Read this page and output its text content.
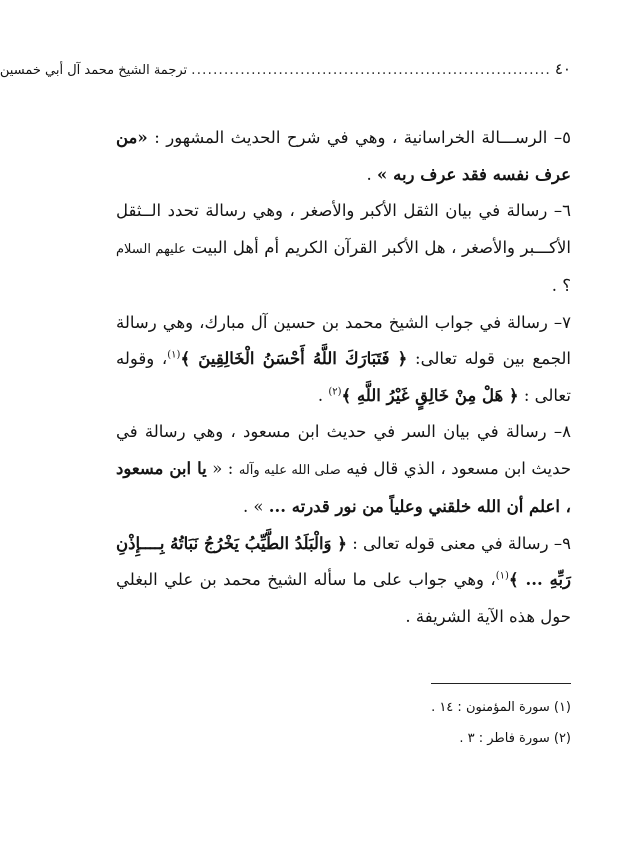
٤٠
..................................................................
ترجمة الشيخ محمد آل أبي خمسين

٥– الرســـالة الخراسانية ، وهي في شرح الحديث المشهور : «من عرف نفسه فقد عرف ربه » .

٦– رسالة في بيان الثقل الأكبر والأصغر ، وهي رسالة تحدد الــثقل الأكـــبر والأصغر ، هل الأكبر القرآن الكريم أم أهل البيت عليهم السلام ؟ .

٧– رسالة في جواب الشيخ محمد بن حسين آل مبارك، وهي رسالة الجمع بين قوله تعالى: ﴿ فَتَبَارَكَ اللَّهُ أَحْسَنُ الْخَالِقِينَ ﴾$^{(١)}$، وقوله تعالى : ﴿ هَلْ مِنْ خَالِقٍ غَيْرُ اللَّهِ ﴾$^{(٢)}$ .

٨– رسالة في بيان السر في حديث ابن مسعود ، وهي رسالة في حديث ابن مسعود ، الذي قال فيه صلى الله عليه وآله : « يا ابن مسعود ، اعلم أن الله خلقني وعلياً من نور قدرته ... » .

٩– رسالة في معنى قوله تعالى : ﴿ وَالْبَلَدُ الطَّيِّبُ يَخْرُجُ نَبَاتُهُ بِــــإِذْنِ رَبِّهِ ... ﴾$^{(١)}$، وهي جواب على ما سأله الشيخ محمد بن علي البغلي حول هذه الآية الشريفة .

(١) سورة المؤمنون : ١٤ .
(٢) سورة فاطر : ٣ .
